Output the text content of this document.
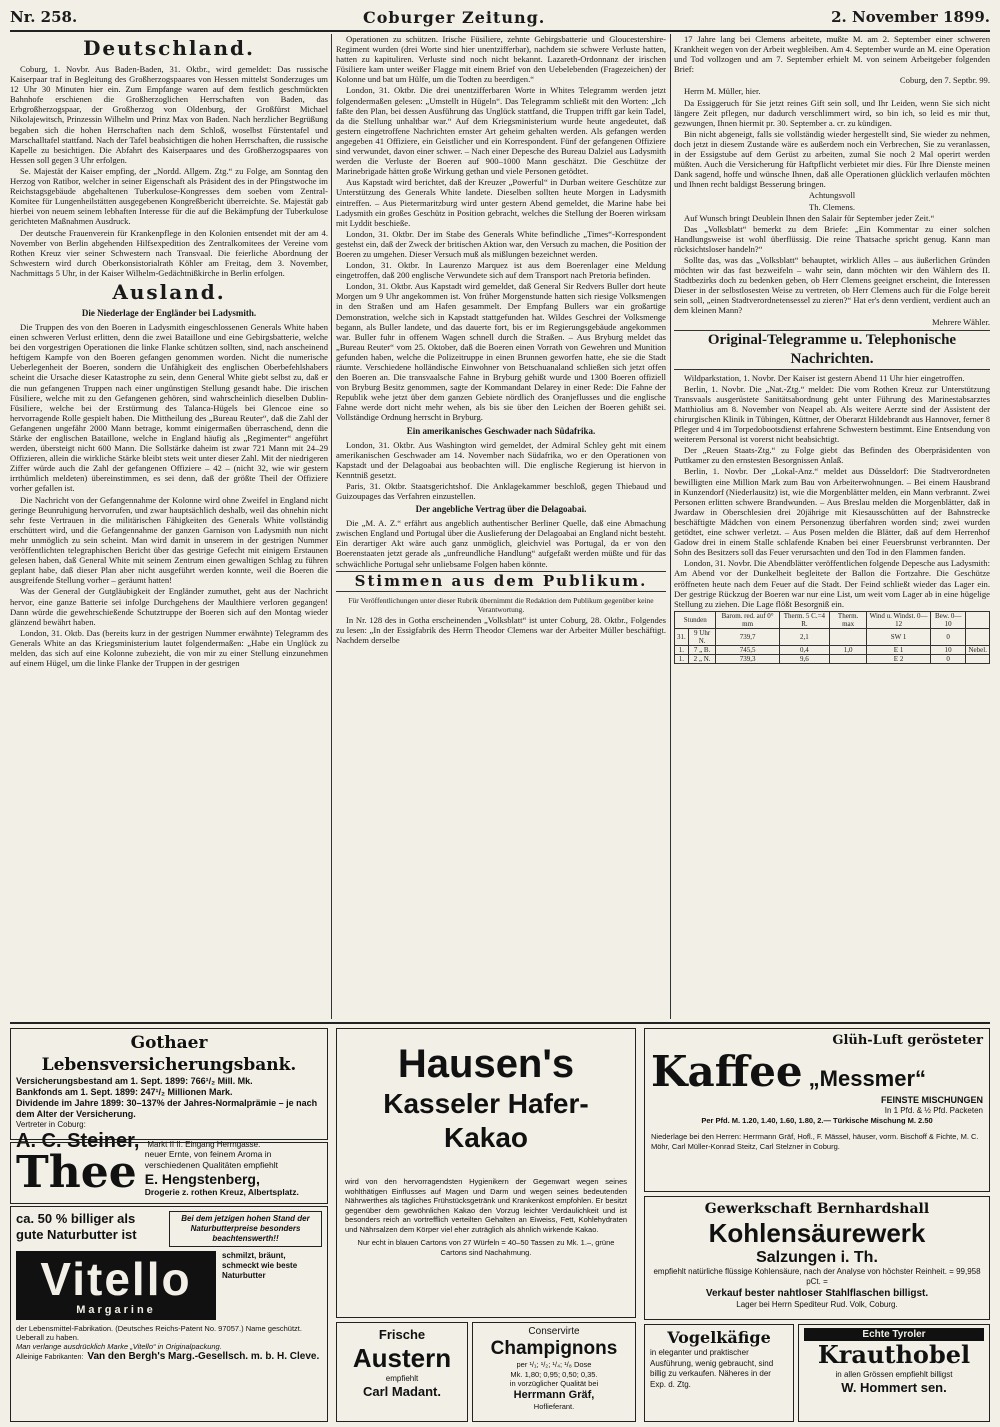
Nr. 258.	Coburger Zeitung.	2. November 1899.
Deutschland.

Coburg, 1. Novbr. Aus Baden-Baden, 31. Oktbr., wird gemeldet: Das russische Kaiserpaar traf in Begleitung des Großherzogspaares von Hessen mittelst Sonderzuges um 12 Uhr 30 Minuten hier ein. Zum Empfange waren auf dem festlich geschmückten Bahnhofe erschienen die Großherzoglichen Herrschaften von Baden, das Erbgroßherzogspaar, der Großherzog von Oldenburg, der Großfürst Michael Nikolajewitsch, Prinzessin Wilhelm und Prinz Max von Baden. Nach herzlicher Begrüßung begaben sich die hohen Herrschaften nach dem Schloß, woselbst Fürstentafel und Marschalltafel stattfand. Nach der Tafel beabsichtigen die hohen Herrschaften, die russische Kapelle zu besichtigen. Die Abfahrt des Kaiserpaares und des Großherzogspaares von Hessen soll gegen 3 Uhr erfolgen.

Se. Majestät der Kaiser empfing, der „Nordd. Allgem. Ztg.“ zu Folge, am Sonntag den Herzog von Ratibor, welcher in seiner Eigenschaft als Präsident des in der Pfingstwoche im Reichstagsgebäude abgehaltenen Tuberkulose-Kongresses dem soeben vom Zentral-Komitee für Lungenheilstätten ausgegebenen Kongreßbericht überreichte. Se. Majestät gab hierbei von neuem seinem lebhaften Interesse für die auf die Bekämpfung der Tuberkulose gerichteten Maßnahmen Ausdruck.

Der deutsche Frauenverein für Krankenpflege in den Kolonien entsendet mit der am 4. November von Berlin abgehenden Hilfsexpedition des Zentralkomitees der Vereine vom Rothen Kreuz vier seiner Schwestern nach Transvaal. Die feierliche Abordnung der Schwestern wird durch Oberkonsistorialrath Köhler am Freitag, dem 3. November, Nachmittags 5 Uhr, in der Kaiser Wilhelm-Gedächtnißkirche in Berlin erfolgen.

Ausland.
Die Niederlage der Engländer bei Ladysmith.

Die Truppen des von den Boeren in Ladysmith eingeschlossenen Generals White haben einen schweren Verlust erlitten, denn die zwei Bataillone und eine Gebirgsbatterie, welche bei den vorgestrigen Operationen die linke Flanke schützen sollten, sind, nach anscheinend heftigem Kampfe von den Boeren gefangen genommen worden. Nicht die numerische Ueberlegenheit der Boeren, sondern die Unfähigkeit des englischen Oberbefehlshabers scheint die Ursache dieser Katastrophe zu sein, denn General White giebt selbst zu, daß er die nun gefangenen Truppen nach einer ungünstigen Stellung gesandt habe. Die irischen Füsiliere, welche mit zu den Gefangenen gehören, sind wahrscheinlich dieselben Dublin-Füsiliere, welche bei der Erstürmung des Talanca-Hügels bei Glencoe eine so hervorragende Rolle gespielt haben. Die Mittheilung des „Bureau Reuter“, daß die Zahl der Gefangenen ungefähr 2000 Mann betrage, kommt einigermaßen überraschend, denn die Stärke der englischen Bataillone, welche in England häufig als „Regimenter“ angeführt werden, übersteigt nicht 600 Mann. Die Sollstärke daheim ist zwar 721 Mann mit 24–29 Offizieren, allein die wirkliche Stärke bleibt stets weit unter dieser Zahl. Mit der niedrigeren Ziffer würde auch die Zahl der gefangenen Offiziere – 42 – (nicht 32, wie wir gestern irrthümlich meldeten) übereinstimmen, es sei denn, daß der größte Theil der Offiziere vorher gefallen ist.

Die Nachricht von der Gefangennahme der Kolonne wird ohne Zweifel in England nicht geringe Beunruhigung hervorrufen, und zwar hauptsächlich deshalb, weil das ohnehin nicht sehr feste Vertrauen in die militärischen Fähigkeiten des Generals White vollständig erschüttert wird, und die Gefangennahme der ganzen Garnison von Ladysmith nun nicht mehr unmöglich zu sein scheint. Man wird damit in unserem in der gestrigen Nummer veröffentlichten telegraphischen Bericht über das gestrige Gefecht mit einigem Erstaunen gelesen haben, daß General White mit seinem Zentrum einen gewaltigen Schlag zu führen geplant habe, daß dieser Plan aber nicht ausgeführt werden konnte, weil die Boeren die ausgreifende Stellung vorher – geräumt hatten!

Was der General der Gutgläubigkeit der Engländer zumuthet, geht aus der Nachricht hervor, eine ganze Batterie sei infolge Durchgehens der Maulthiere verloren gegangen! Dann würde die gewehrschießende Schutztruppe der Boeren sich auf den Montag wieder glänzend bewährt haben.

London, 31. Oktb. Das (bereits kurz in der gestrigen Nummer erwähnte) Telegramm des Generals White an das Kriegsministerium lautet folgendermaßen: „Habe ein Unglück zu melden, das sich auf eine Kolonne zubezieht, die von mir zu einer Stellung einzunehmen auf einem Hügel, um die linke Flanke der Truppen in der gestrigen

Operationen zu schützen. Irische Füsiliere, zehnte Gebirgsbatterie und Gloucestershire-Regiment wurden (drei Worte sind hier unentzifferbar), nachdem sie schwere Verluste hatten, hatten zu kapituliren. Verluste sind noch nicht bekannt. Lazareth-Ordonnanz der irischen Füsiliere kam unter weißer Flagge mit einem Brief von den Uebelebenden (Fragezeichen) der Kolonne und bat um Hülfe, um die Todten zu beerdigen.“

London, 31. Oktbr. Die drei unentzifferbaren Worte in Whites Telegramm werden jetzt folgendermaßen gelesen: „Umstellt in Hügeln“. Das Telegramm schließt mit den Worten: „Ich faßte den Plan, bei dessen Ausführung das Unglück stattfand, die Truppen trifft gar kein Tadel, da die Stellung unhaltbar war.“ Auf dem Kriegsministerium wurde heute angedeutet, daß gestern eingetroffene Nachrichten ernster Art geheim gehalten werden. Als gefangen werden angegeben 41 Offiziere, ein Geistlicher und ein Korrespondent. Fünf der gefangenen Offiziere sind verwundet, davon einer schwer. – Nach einer Depesche des Bureau Dalziel aus Ladysmith werden die Verluste der Boeren auf 900–1000 Mann geschätzt. Die Geschütze der Marinebrigade hätten große Wirkung gethan und viele Personen getödtet.

Aus Kapstadt wird berichtet, daß der Kreuzer „Powerful“ in Durban weitere Geschütze zur Unterstützung des Generals White landete. Dieselben sollten heute Morgen in Ladysmith eintreffen. – Aus Pietermaritzburg wird unter gestern Abend gemeldet, die Marine habe bei Ladysmith ein großes Geschütz in Position gebracht, welches die Stellung der Boeren wirksam mit Lyddit beschieße.

London, 31. Oktbr. Der im Stabe des Generals White befindliche „Times“-Korrespondent gestehst ein, daß der Zweck der britischen Aktion war, den Versuch zu machen, die Position der Boeren zu umgehen. Dieser Versuch muß als mißlungen bezeichnet werden.

London, 31. Oktbr. In Laurenzo Marquez ist aus dem Boerenlager eine Meldung eingetroffen, daß 200 englische Verwundete sich auf dem Transport nach Pretoria befinden.

London, 31. Oktbr. Aus Kapstadt wird gemeldet, daß General Sir Redvers Buller dort heute Morgen um 9 Uhr angekommen ist. Von früher Morgenstunde hatten sich riesige Volksmengen in den Straßen und am Hafen gesammelt. Der Empfang Bullers war ein großartige Demonstration, welche sich in Kapstadt stattgefunden hat. Wildes Geschrei der Volksmenge begann, als Buller landete, und das dauerte fort, bis er im Regierungsgebäude angekommen war. Buller fuhr in offenem Wagen schnell durch die Straßen. – Aus Bryburg meldet das „Bureau Reuter“ vom 25. Oktober, daß die Boeren einen Vorrath von Gewehren und Munition gefunden haben, welche die Polizeitruppe in einen Brunnen geworfen hatte, ehe sie die Stadt räumte. Verschiedene holländische Einwohner von Betschuanaland schließen sich jetzt offen den Boeren an. Die transvaalsche Fahne in Bryburg gehißt wurde und 1300 Boeren offiziell von Bryburg Besitz genommen, sagte der Kommandant Delarey in einer Rede: Die Fahne der Republik wehe jetzt über dem ganzen Gebiete nördlich des Oranjeflusses und die englische Fahne werde dort nicht mehr wehen, als bis sie über den Leichen der Boeren gehißt sei. Vollständige Ordnung herrscht in Bryburg.

Ein amerikanisches Geschwader nach Südafrika.

London, 31. Oktbr. Aus Washington wird gemeldet, der Admiral Schley geht mit einem amerikanischen Geschwader am 14. November nach Südafrika, wo er den Operationen von Kapstadt und der Delagoabai aus beobachten will. Die englische Regierung ist hiervon in Kenntniß gesetzt.

Paris, 31. Oktbr. Staatsgerichtshof. Die Anklagekammer beschloß, gegen Thiebaud und Guizoupages das Verfahren einzustellen.

Der angebliche Vertrag über die Delagoabai.

Die „M. A. Z.“ erfährt aus angeblich authentischer Berliner Quelle, daß eine Abmachung zwischen England und Portugal über die Auslieferung der Delagoabai an England nicht besteht. Ein derartiger Akt wäre auch ganz unmöglich, gleichviel was Portugal, da er von den Boerenstaaten jetzt gerade als „unfreundliche Handlung“ aufgefaßt werden müßte und für das schwächliche Portugal sehr unliebsame Folgen haben könnte.

Stimmen aus dem Publikum.

Für Veröffentlichungen unter dieser Rubrik übernimmt die Redaktion dem Publikum gegenüber keine Verantwortung.

In Nr. 128 des in Gotha erscheinenden „Volksblatt“ ist unter Coburg, 28. Oktbr., Folgendes zu lesen: „In der Essigfabrik des Herrn Theodor Clemens war der Arbeiter Müller beschäftigt. Nachdem derselbe

17 Jahre lang bei Clemens arbeitete, mußte M. am 2. September einer schweren Krankheit wegen von der Arbeit wegbleiben. Am 4. September wurde an M. eine Operation und Tod vollzogen und am 7. September erhielt M. von seinem Arbeitgeber folgenden Brief:

Coburg, den 7. Septbr. 99.

Herrn M. Müller, hier.

Da Essiggeruch für Sie jetzt reines Gift sein soll, und Ihr Leiden, wenn Sie sich nicht längere Zeit pflegen, nur dadurch verschlimmert wird, so bin ich, so leid es mir thut, gezwungen, Ihnen hiermit pr. 30. September a. cr. zu kündigen.

Bin nicht abgeneigt, falls sie vollständig wieder hergestellt sind, Sie wieder zu nehmen, doch jetzt in diesem Zustande wäre es außerdem noch ein Verbrechen, Sie zu veranlassen, in der Essigstube auf dem Gerüst zu arbeiten, zumal Sie noch 2 Mal operirt werden müßten. Auch die Versicherung für Haftpflicht verbietet mir dies. Für Ihre Dienste meinen Dank sagend, hoffe und wünsche Ihnen, daß alle Operationen glücklich verlaufen möchten und Ihnen recht baldigst Besserung bringen.

Achtungsvoll

Th. Clemens.

Auf Wunsch bringt Deublein Ihnen den Salair für September jeder Zeit.“

Das „Volksblatt“ bemerkt zu dem Briefe: „Ein Kommentar zu einer solchen Handlungsweise ist wohl überflüssig. Die reine Thatsache spricht genug. Kann man rücksichtsloser handeln?“

Sollte das, was das „Volksblatt“ behauptet, wirklich Alles – aus äußerlichen Gründen möchten wir das fast bezweifeln – wahr sein, dann möchten wir den Wählern des II. Stadtbezirks doch zu bedenken geben, ob Herr Clemens geeignet erscheint, die Interessen Dieser in der selbstlosesten Weise zu vertreten, ob Herr Clemens auch für die Folge bereit sein soll, „einen Stadtverordnetensessel zu zieren?“ Hat er's denn verdient, verdient auch an dem kleinen Mann?

Mehrere Wähler.

Original-Telegramme u. Telephonische Nachrichten.

Wildparkstation, 1. Novbr. Der Kaiser ist gestern Abend 11 Uhr hier eingetroffen.

Berlin, 1. Novbr. Die „Nat.-Ztg.“ meldet: Die vom Rothen Kreuz zur Unterstützung Transvaals ausgerüstete Sanitätsabordnung geht unter Führung des Marinestabsarztes Matthiolius am 8. November von Neapel ab. Als weitere Aerzte sind der Assistent der chirurgischen Klinik in Tübingen, Küttner, der Oberarzt Hildebrandt aus Hannover, ferner 8 Pfleger und 4 im Torpedobootsdienst erfahrene Schwestern bestimmt. Eine Entsendung von weiterem Personal ist vorerst nicht beabsichtigt.

Der „Reuen Staats-Ztg.“ zu Folge giebt das Befinden des Oberpräsidenten von Puttkamer zu den ernstesten Besorgnissen Anlaß.

Berlin, 1. Novbr. Der „Lokal-Anz.“ meldet aus Düsseldorf: Die Stadtverordneten bewilligten eine Million Mark zum Bau von Arbeiterwohnungen. – Bei einem Hausbrand in Kunzendorf (Niederlausitz) ist, wie die Morgenblätter melden, ein Mann verbrannt. Zwei Personen erlitten schwere Brandwunden. – Aus Breslau melden die Morgenblätter, daß in Jwardaw in Oberschlesien drei 20jährige mit Kiesausschütten auf der Bahnstrecke beschäftigte Mädchen von einem Personenzug überfahren worden sind; zwei wurden getödtet, eine schwer verletzt. – Aus Posen melden die Blätter, daß auf dem Herrenhof Gadow drei in einem Stalle schlafende Knaben bei einer Feuersbrunst verbrannten. Der Sohn des Besitzers soll das Feuer verursachten und den Tod in den Flammen fanden.

London, 31. Novbr. Die Abendblätter veröffentlichen folgende Depesche aus Ladysmith: Am Abend vor der Dunkelheit begleitete der Ballon die Fortzahre. Die Geschütze eröffneten heute nach dem Feuer auf die Stadt. Der Feind schließt wieder das Lager ein. Der gestrige Rückzug der Boeren war nur eine List, um weit vom Lager ab in eine hügelige Stellung zu ziehen. Die Lage flößt Besorgniß ein.

Stunden		Barom. red. auf 0° mm	Therm. 5 C.=4 R.	Therm. max	Wind u. Windst. 0—12	Bew. 0—10	
31.	9 Uhr N.	739,7	2,1		SW 1	0	
1.	7 „ B.	745,5	0,4	1,0	E 1	10	Nebel.
1.	2 „ N.	739,3	9,6		E 2	0	

Gothaer Lebensversicherungsbank.

Versicherungsbestand am 1. Sept. 1899: 766¹/₂ Mill. Mk.

Bankfonds am 1. Sept. 1899: 247¹/₂ Millionen Mark.

Dividende im Jahre 1899: 30–137% der Jahres-Normalprämie – je nach dem Alter der Versicherung.

Vertreter in Coburg:

A. C. Steiner, Markt II II. Eingang Herrngasse.
Thee neuer Ernte, von feinem Aroma in verschiedenen Qualitäten empfiehlt

E. Hengstenberg,

Drogerie z. rothen Kreuz, Albertsplatz.

ca. 50 % billiger als gute Naturbutter ist

Bei dem jetzigen hohen Stand der Naturbutterpreise besonders beachtenswerth!!

Vitello

Margarine

schmilzt, bräunt, schmeckt wie beste Naturbutter

der Lebensmittel-Fabrikation. (Deutsches Reichs-Patent No. 97057.) Name geschützt. Ueberall zu haben.

Man verlange ausdrücklich Marke „Vitello“ in Originalpackung.

Alleinige Fabrikanten: Van den Bergh's Marg.-Gesellsch. m. b. H. Cleve.

Hausen's

Kasseler Hafer-Kakao

wird von den hervorragendsten Hygienikern der Gegenwart wegen seines wohlthätigen Einflusses auf Magen und Darm und wegen seines bedeutenden Nährwerthes als tägliches Frühstücksgetränk und Krankenkost empfohlen. Er besitzt gegenüber dem gewöhnlichen Kakao den Vorzug leichter Verdaulichkeit und ist besonders reich an vortrefflich verteilten Gehalten an Eiweiss, Fett, Kohlehydraten und Nährsalzen dem Körper viel eher zuträglich als ähnlich wirkende Kakao.

Nur echt in blauen Cartons von 27 Würfeln = 40–50 Tassen zu Mk. 1.–, grüne Cartons sind Nachahmung.

Frische

Austern

empfiehlt

Carl Madant.

Conservirte

Champignons

per ¹/₁; ¹/₂; ¹/₄; ¹/₈ Dose

Mk. 1,80; 0,95; 0,50; 0,35.

in vorzüglicher Qualität bei

Herrmann Gräf,

Hoflieferant.

Glüh-Luft gerösteter

Kaffee „Messmer“

FEINSTE MISCHUNGEN

In 1 Pfd. & ½ Pfd. Packeten

Per Pfd. M. 1.20, 1.40, 1.60, 1.80, 2.— Türkische Mischung M. 2.50

Niederlage bei den Herren: Herrmann Gräf, Hofl., F. Mässel, häuser, vorm. Bischoff & Fichte, M. C. Möhr, Carl Müller-Konrad Steitz, Carl Stelzner in Coburg.

Gewerkschaft Bernhardshall

Kohlensäurewerk

Salzungen i. Th.

empfiehlt natürliche flüssige Kohlensäure, nach der Analyse von höchster Reinheit. = 99,958 pCt. =

Verkauf bester nahtloser Stahlflaschen billigst.

Lager bei Herrn Spediteur Rud. Volk, Coburg.

Vogelkäfige

in eleganter und praktischer Ausführung, wenig gebraucht, sind billig zu verkaufen. Näheres in der Exp. d. Ztg.

Echte Tyroler

Krauthobel

in allen Grössen empfiehlt billigst

W. Hommert sen.
